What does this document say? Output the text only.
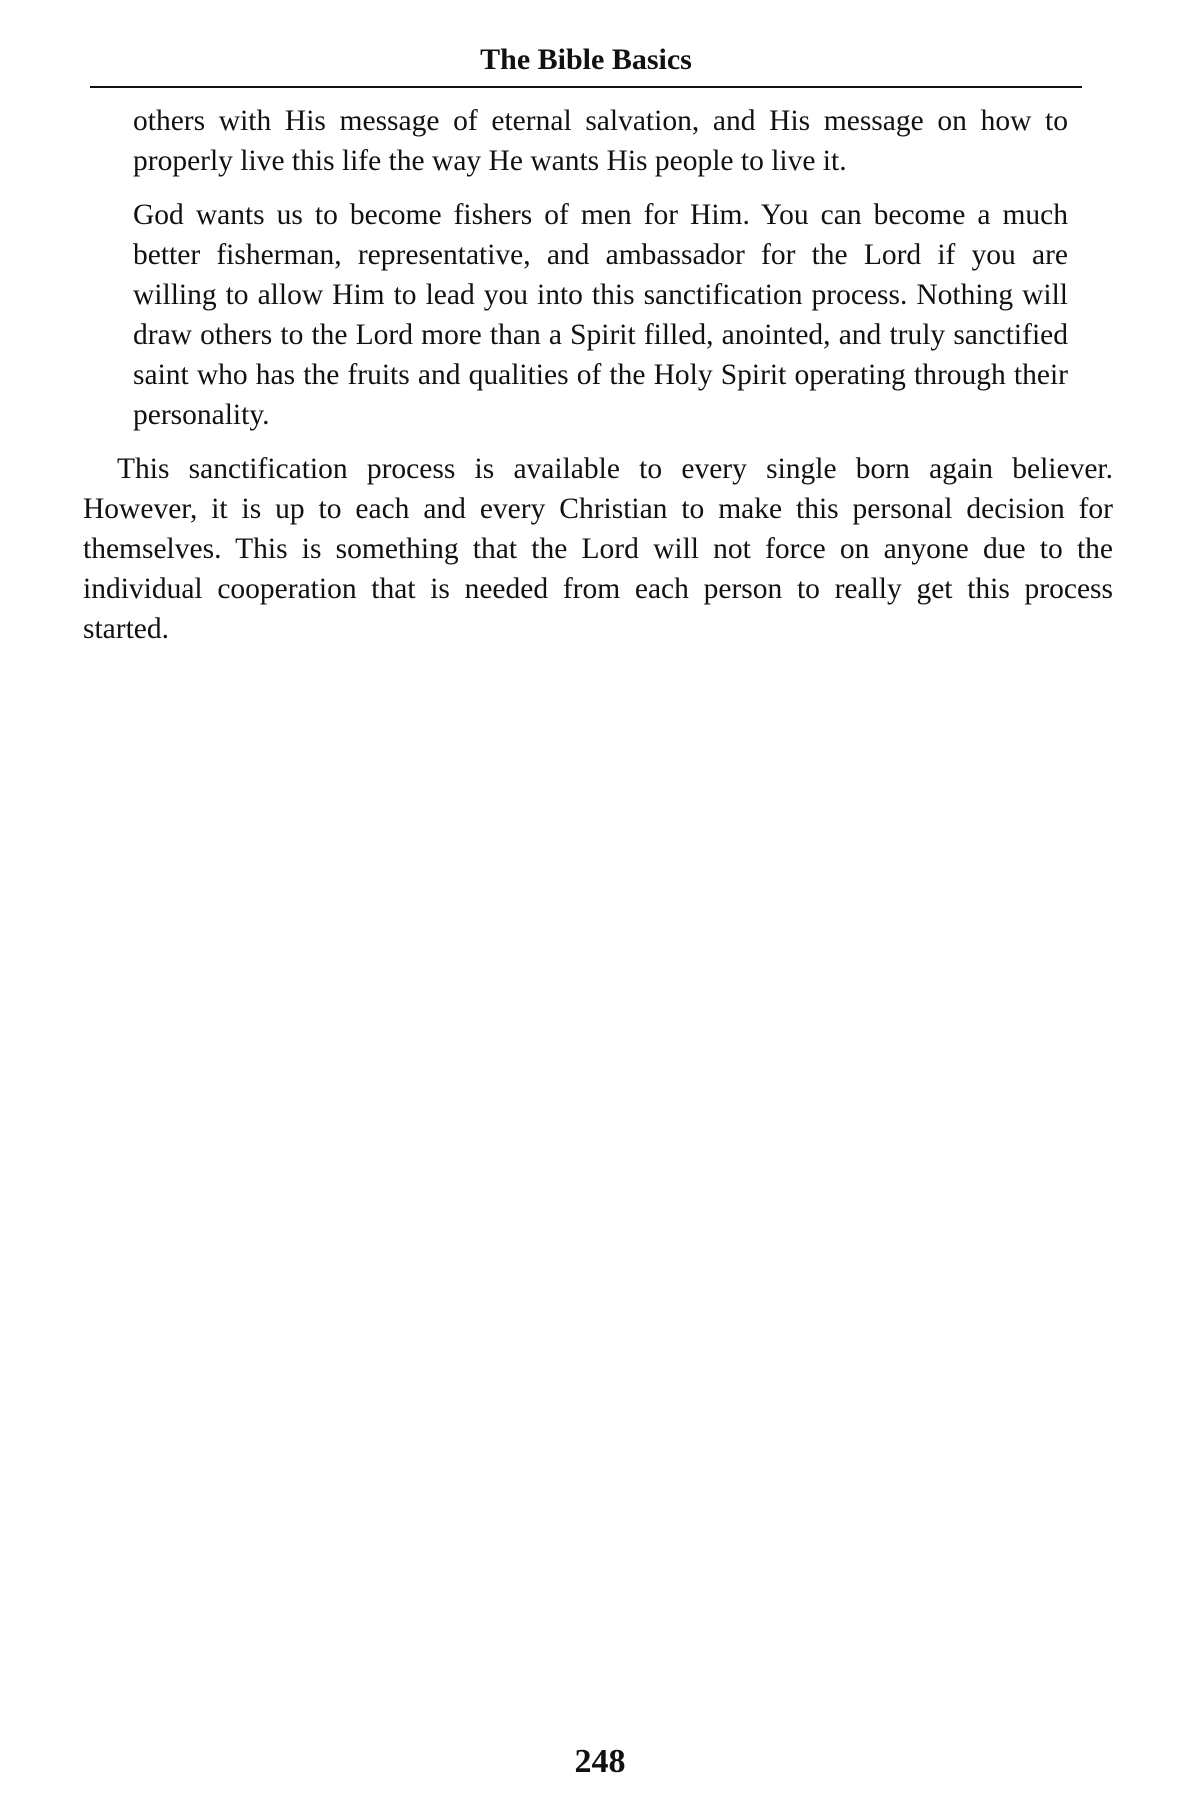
The Bible Basics

others with His message of eternal salvation, and His message on how to properly live this life the way He wants His people to live it.

God wants us to become fishers of men for Him. You can become a much better fisherman, representative, and ambassador for the Lord if you are willing to allow Him to lead you into this sanctification process. Nothing will draw others to the Lord more than a Spirit filled, anointed, and truly sanctified saint who has the fruits and qualities of the Holy Spirit operating through their personality.

This sanctification process is available to every single born again believer. However, it is up to each and every Christian to make this personal decision for themselves. This is something that the Lord will not force on anyone due to the individual cooperation that is needed from each person to really get this process started.

248
